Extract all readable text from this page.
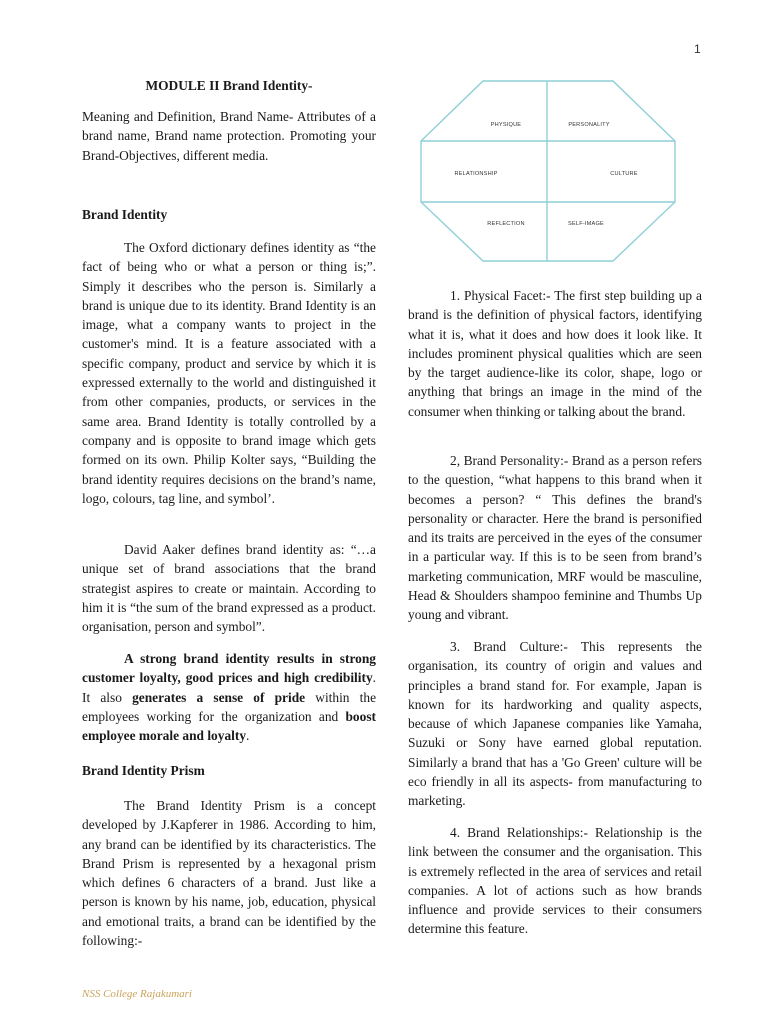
1
MODULE II Brand Identity-

Meaning and Definition, Brand Name- Attributes of a brand name, Brand name protection. Promoting your Brand-Objectives, different media.

Brand Identity

The Oxford dictionary defines identity as “the fact of being who or what a person or thing is;”. Simply it describes who the person is. Similarly a brand is unique due to its identity. Brand Identity is an image, what a company wants to project in the customer's mind. It is a feature associated with a specific company, product and service by which it is expressed externally to the world and distinguished it from other companies, products, or services in the same area. Brand Identity is totally controlled by a company and is opposite to brand image which gets formed on its own. Philip Kolter says, “Building the brand identity requires decisions on the brand’s name, logo, colours, tag line, and symbol’.

David Aaker defines brand identity as: “…a unique set of brand associations that the brand strategist aspires to create or maintain. According to him it is “the sum of the brand expressed as a product. organisation, person and symbol”.

A strong brand identity results in strong customer loyalty, good prices and high credibility. It also generates a sense of pride within the employees working for the organization and boost employee morale and loyalty.

Brand Identity Prism

The Brand Identity Prism is a concept developed by J.Kapferer in 1986. According to him, any brand can be identified by its characteristics. The Brand Prism is represented by a hexagonal prism which defines 6 characters of a brand. Just like a person is known by his name, job, education, physical and emotional traits, a brand can be identified by the following:-

PHYSIQUE	PERSONALITY
RELATIONSHIP	CULTURE
REFLECTION	SELF-IMAGE

1. Physical Facet:- The first step building up a brand is the definition of physical factors, identifying what it is, what it does and how does it look like. It includes prominent physical qualities which are seen by the target audience-like its color, shape, logo or anything that brings an image in the mind of the consumer when thinking or talking about the brand.

2, Brand Personality:- Brand as a person refers to the question, “what happens to this brand when it becomes a person? “ This defines the brand's personality or character. Here the brand is personified and its traits are perceived in the eyes of the consumer in a particular way. If this is to be seen from brand’s marketing communication, MRF would be masculine, Head & Shoulders shampoo feminine and Thumbs Up young and vibrant.

3. Brand Culture:- This represents the organisation, its country of origin and values and principles a brand stand for. For example, Japan is known for its hardworking and quality aspects, because of which Japanese companies like Yamaha, Suzuki or Sony have earned global reputation. Similarly a brand that has a 'Go Green' culture will be eco friendly in all its aspects- from manufacturing to marketing.

4. Brand Relationships:- Relationship is the link between the consumer and the organisation. This is extremely reflected in the area of services and retail companies. A lot of actions such as how brands influence and provide services to their consumers determine this feature.

NSS College Rajakumari
